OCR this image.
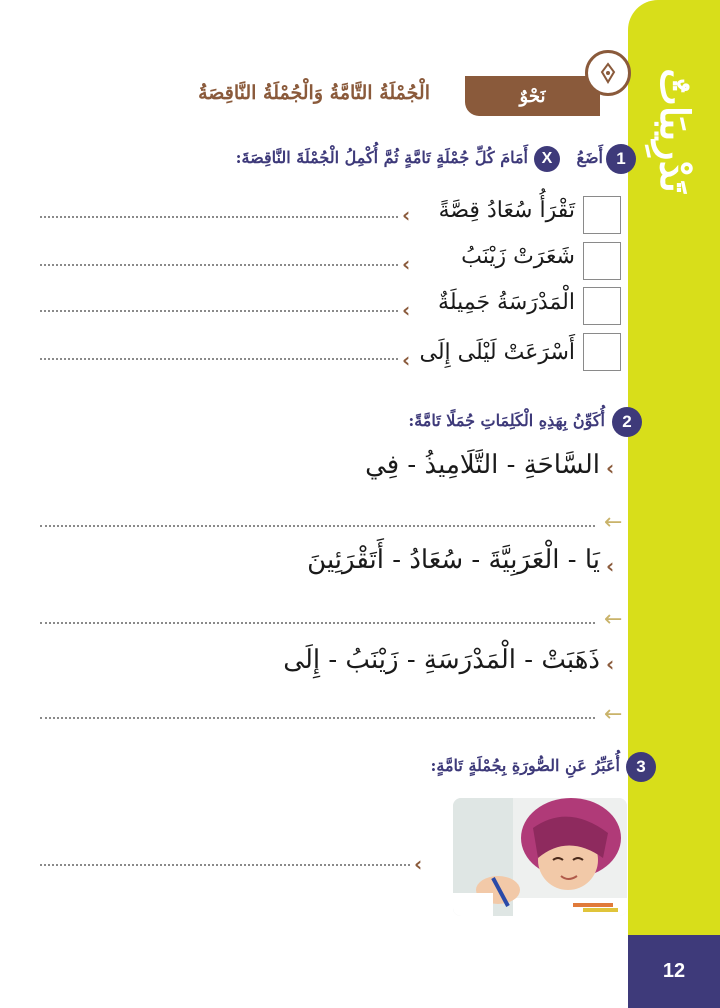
تَدْرِيبَاتٌ
12
نَحْوٌ
الْجُمْلَةُ التَّامَّةُ وَالْجُمْلَةُ النَّاقِصَةُ
1
أَضَعُ
X
أَمَامَ كُلِّ جُمْلَةٍ تَامَّةٍ ثُمَّ أُكْمِلُ الْجُمْلَةَ النَّاقِصَةَ:
تَقْرَأُ سُعَادُ قِصَّةً
‹
شَعَرَتْ زَيْنَبُ
‹
الْمَدْرَسَةُ جَمِيلَةٌ
‹
أَسْرَعَتْ لَيْلَى إِلَى
‹
2
أُكَوِّنُ بِهَذِهِ الْكَلِمَاتِ جُمَلًا تَامَّةً:
السَّاحَةِ - التَّلَامِيذُ - فِي ‹
←
يَا - الْعَرَبِيَّةَ - سُعَادُ - أَتَقْرَئِينَ ‹
←
ذَهَبَتْ - الْمَدْرَسَةِ - زَيْنَبُ - إِلَى ‹
←
3
أُعَبِّرُ عَنِ الصُّورَةِ بِجُمْلَةٍ تَامَّةٍ:
‹
